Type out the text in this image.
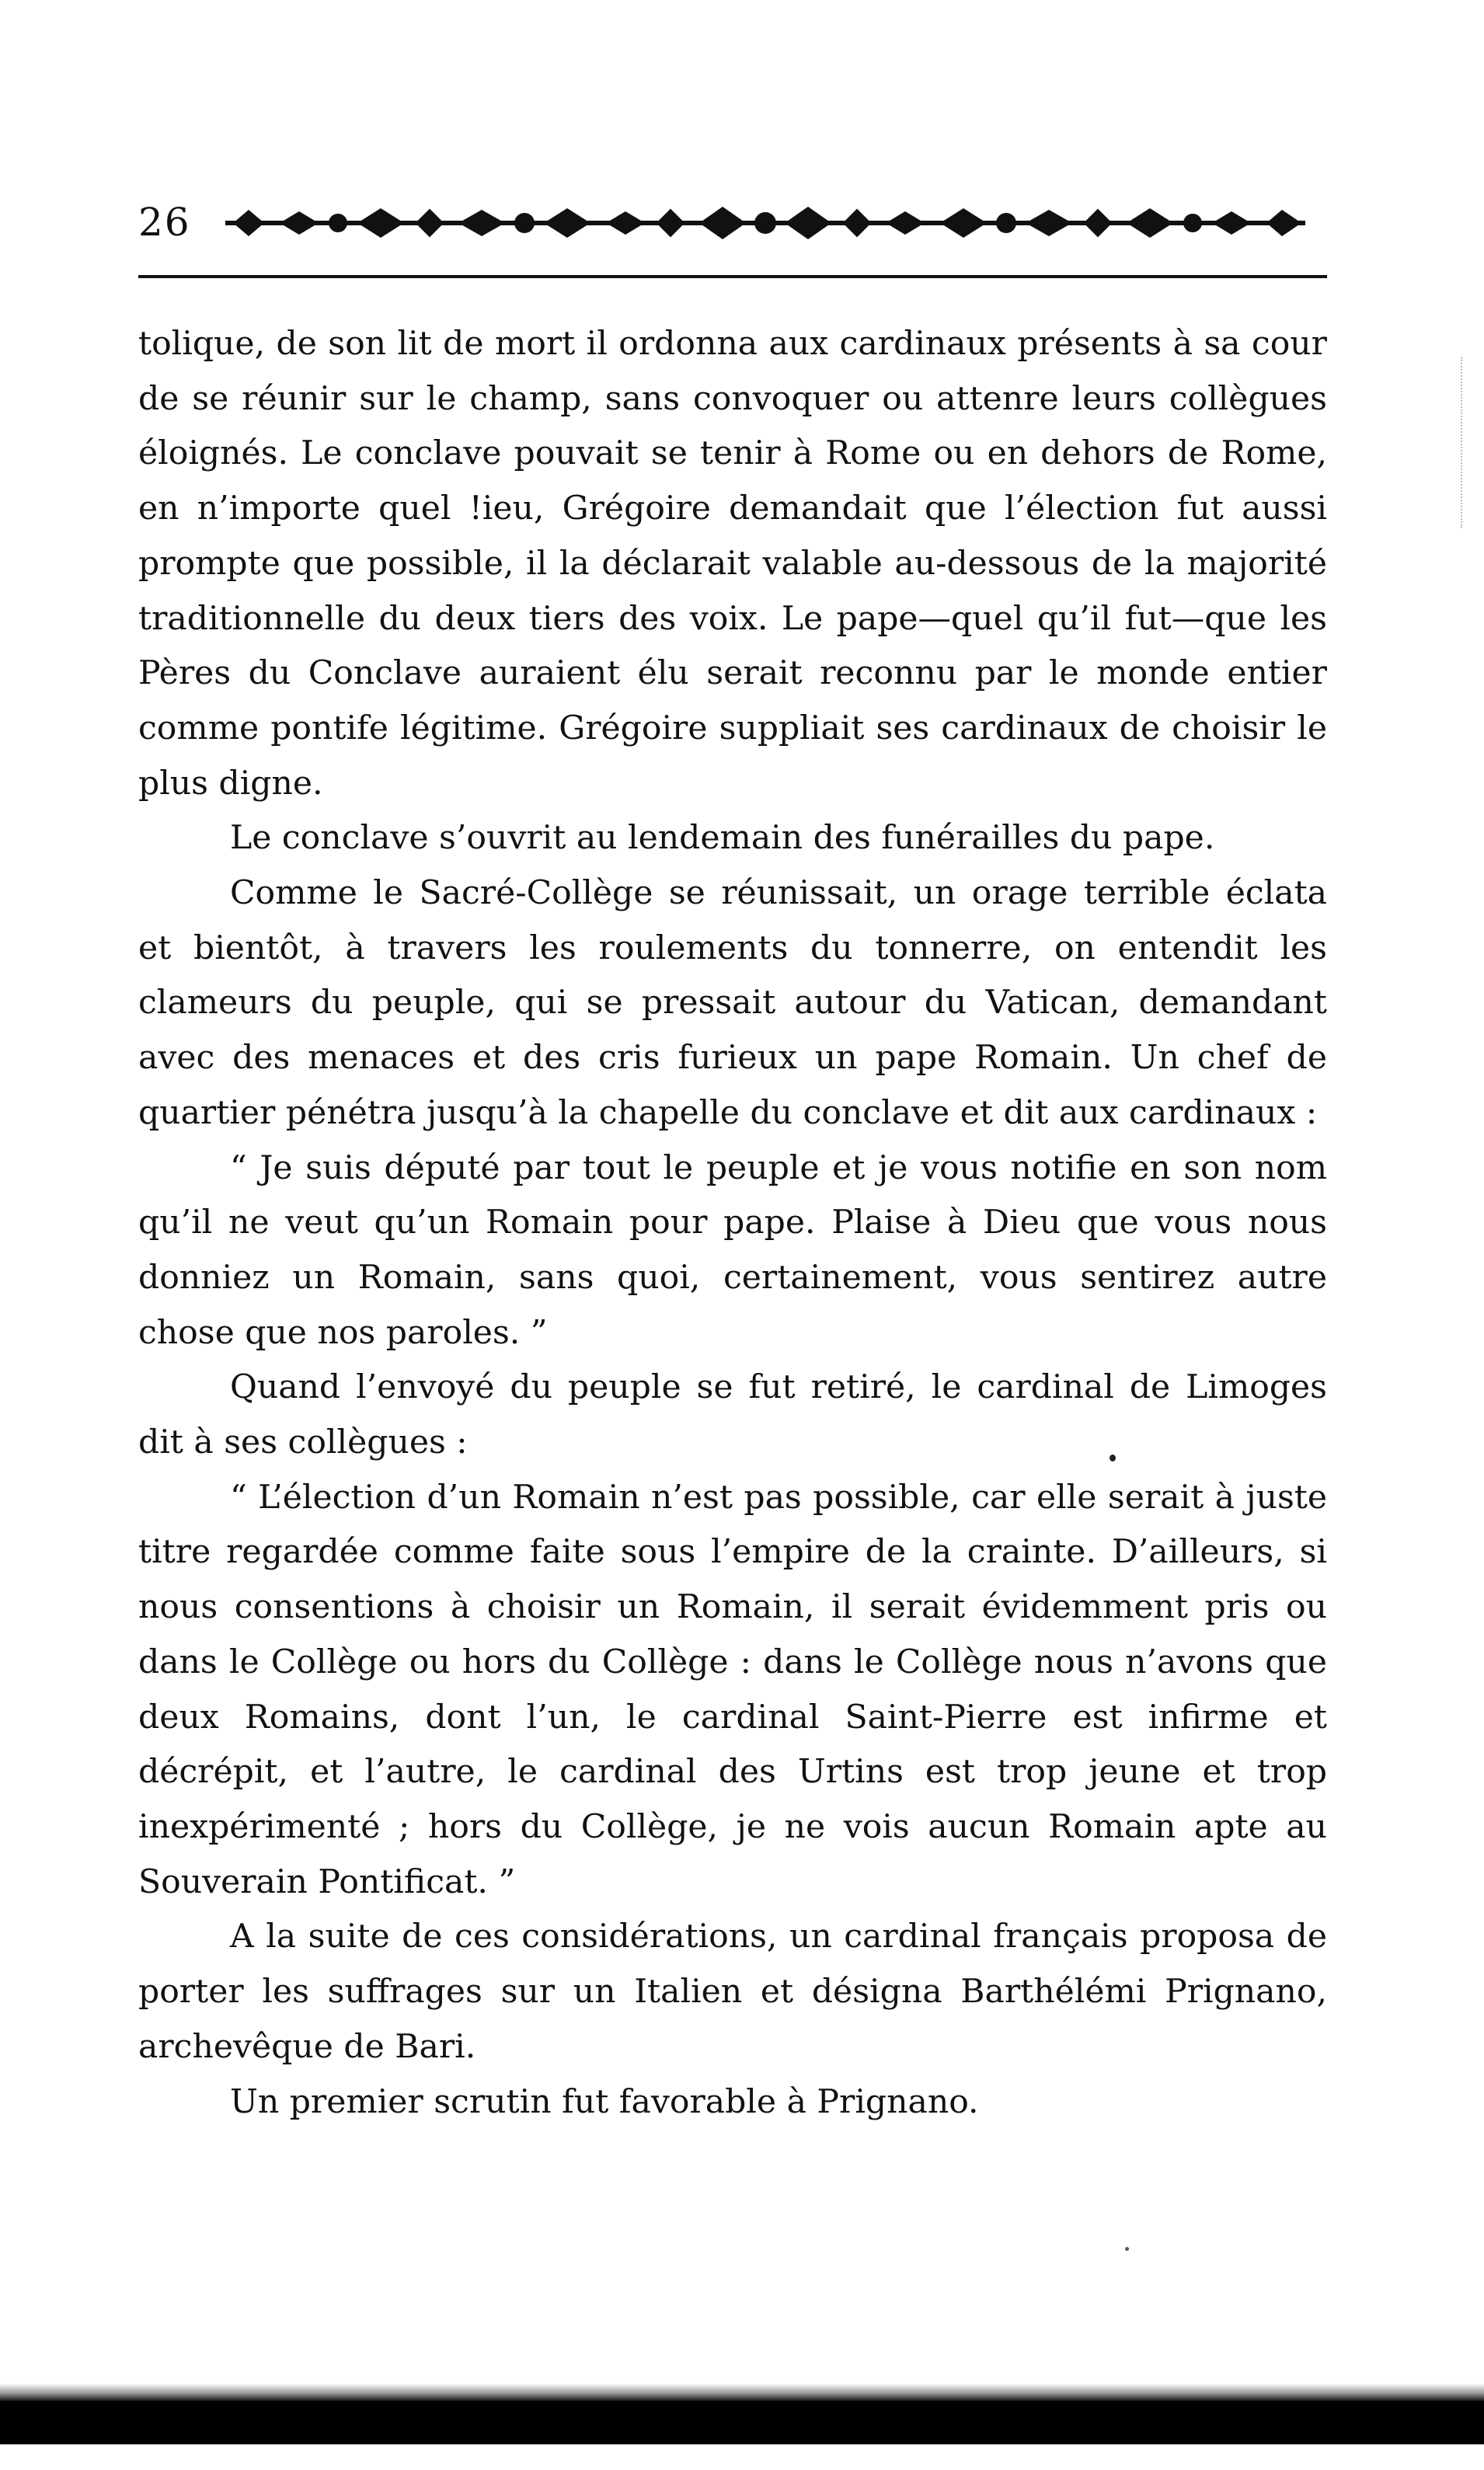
26

tolique, de son lit de mort il ordonna aux cardinaux présents à sa cour de se réunir sur le champ, sans convoquer ou attenre leurs collègues éloignés. Le conclave pouvait se tenir à Rome ou en dehors de Rome, en n’importe quel !ieu, Grégoire demandait que l’élection fut aussi prompte que possible, il la déclarait valable au-dessous de la majorité traditionnelle du deux tiers des voix. Le pape—quel qu’il fut—que les Pères du Conclave auraient élu serait reconnu par le monde entier comme pontife légitime. Grégoire suppliait ses cardinaux de choisir le plus digne.

Le conclave s’ouvrit au lendemain des funérailles du pape.

Comme le Sacré-Collège se réunissait, un orage terrible éclata et bientôt, à travers les roulements du tonnerre, on entendit les clameurs du peuple, qui se pressait autour du Vatican, demandant avec des menaces et des cris furieux un pape Romain. Un chef de quartier pénétra jusqu’à la chapelle du conclave et dit aux cardinaux :

“ Je suis député par tout le peuple et je vous notifie en son nom qu’il ne veut qu’un Romain pour pape. Plaise à Dieu que vous nous donniez un Romain, sans quoi, certainement, vous sentirez autre chose que nos paroles. ”

Quand l’envoyé du peuple se fut retiré, le cardinal de Limoges dit à ses collègues :

“ L’élection d’un Romain n’est pas possible, car elle serait à juste titre regardée comme faite sous l’empire de la crainte. D’ailleurs, si nous consentions à choisir un Romain, il serait évidemment pris ou dans le Collège ou hors du Collège : dans le Collège nous n’avons que deux Romains, dont l’un, le cardinal Saint-Pierre est infirme et décrépit, et l’autre, le cardinal des Urtins est trop jeune et trop inexpérimenté ; hors du Collège, je ne vois aucun Romain apte au Souverain Pontificat. ”

A la suite de ces considérations, un cardinal français proposa de porter les suffrages sur un Italien et désigna Barthélémi Prignano, archevêque de Bari.

Un premier scrutin fut favorable à Prignano.
